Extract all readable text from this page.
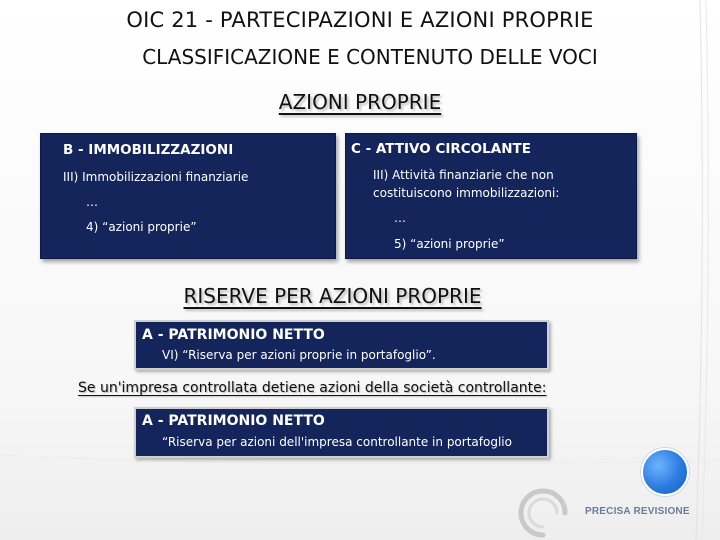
OIC 21 - PARTECIPAZIONI E AZIONI PROPRIE
CLASSIFICAZIONE E CONTENUTO DELLE VOCI
AZIONI PROPRIE
B - IMMOBILIZZAZIONI
III) Immobilizzazioni finanziarie
…
4) “azioni proprie”
C - ATTIVO CIRCOLANTE
III) Attività finanziarie che non
costituiscono immobilizzazioni:
…
5) “azioni proprie”
RISERVE PER AZIONI PROPRIE
A - PATRIMONIO NETTO
VI) “Riserva per azioni proprie in portafoglio”.
Se un'impresa controllata detiene azioni della società controllante:
A - PATRIMONIO NETTO
“Riserva per azioni dell'impresa controllante in portafoglio
PRECISA REVISIONE
